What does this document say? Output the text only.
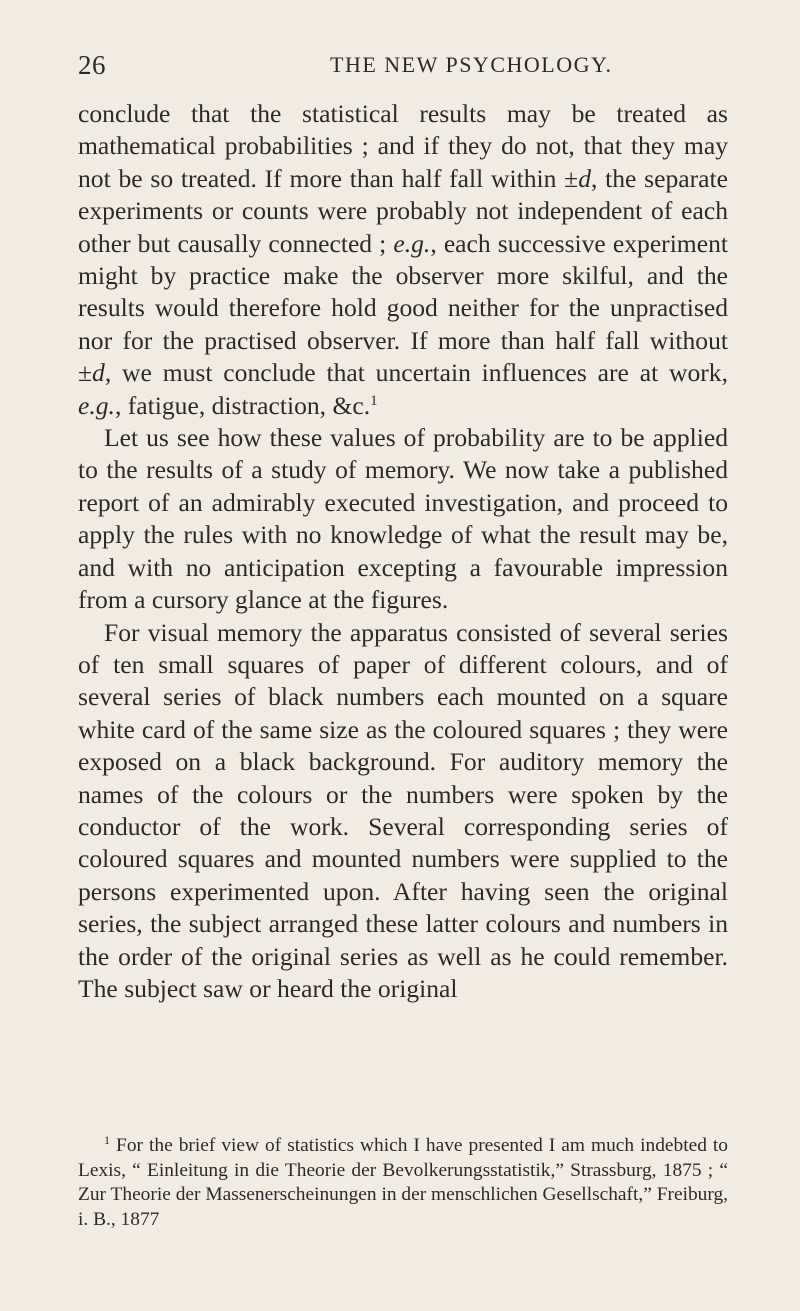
26	THE NEW PSYCHOLOGY.

conclude that the statistical results may be treated as mathematical probabilities ; and if they do not, that they may not be so treated. If more than half fall within ±d, the separate experiments or counts were probably not independent of each other but causally connected ; e.g., each successive experiment might by practice make the observer more skilful, and the results would therefore hold good neither for the unpractised nor for the practised observer. If more than half fall without ±d, we must conclude that uncertain influences are at work, e.g., fatigue, distraction, &c.$^1$

Let us see how these values of probability are to be applied to the results of a study of memory. We now take a published report of an admirably executed investigation, and proceed to apply the rules with no knowledge of what the result may be, and with no anticipation excepting a favourable impression from a cursory glance at the figures.

For visual memory the apparatus consisted of several series of ten small squares of paper of different colours, and of several series of black numbers each mounted on a square white card of the same size as the coloured squares ; they were exposed on a black background. For auditory memory the names of the colours or the numbers were spoken by the conductor of the work. Several corresponding series of coloured squares and mounted numbers were supplied to the persons experimented upon. After having seen the original series, the subject arranged these latter colours and numbers in the order of the original series as well as he could remember. The subject saw or heard the original

$^1$ For the brief view of statistics which I have presented I am much indebted to Lexis, “ Einleitung in die Theorie der Bevolkerungsstatistik,” Strassburg, 1875 ; “ Zur Theorie der Massenerscheinungen in der menschlichen Gesellschaft,” Freiburg, i. B., 1877
